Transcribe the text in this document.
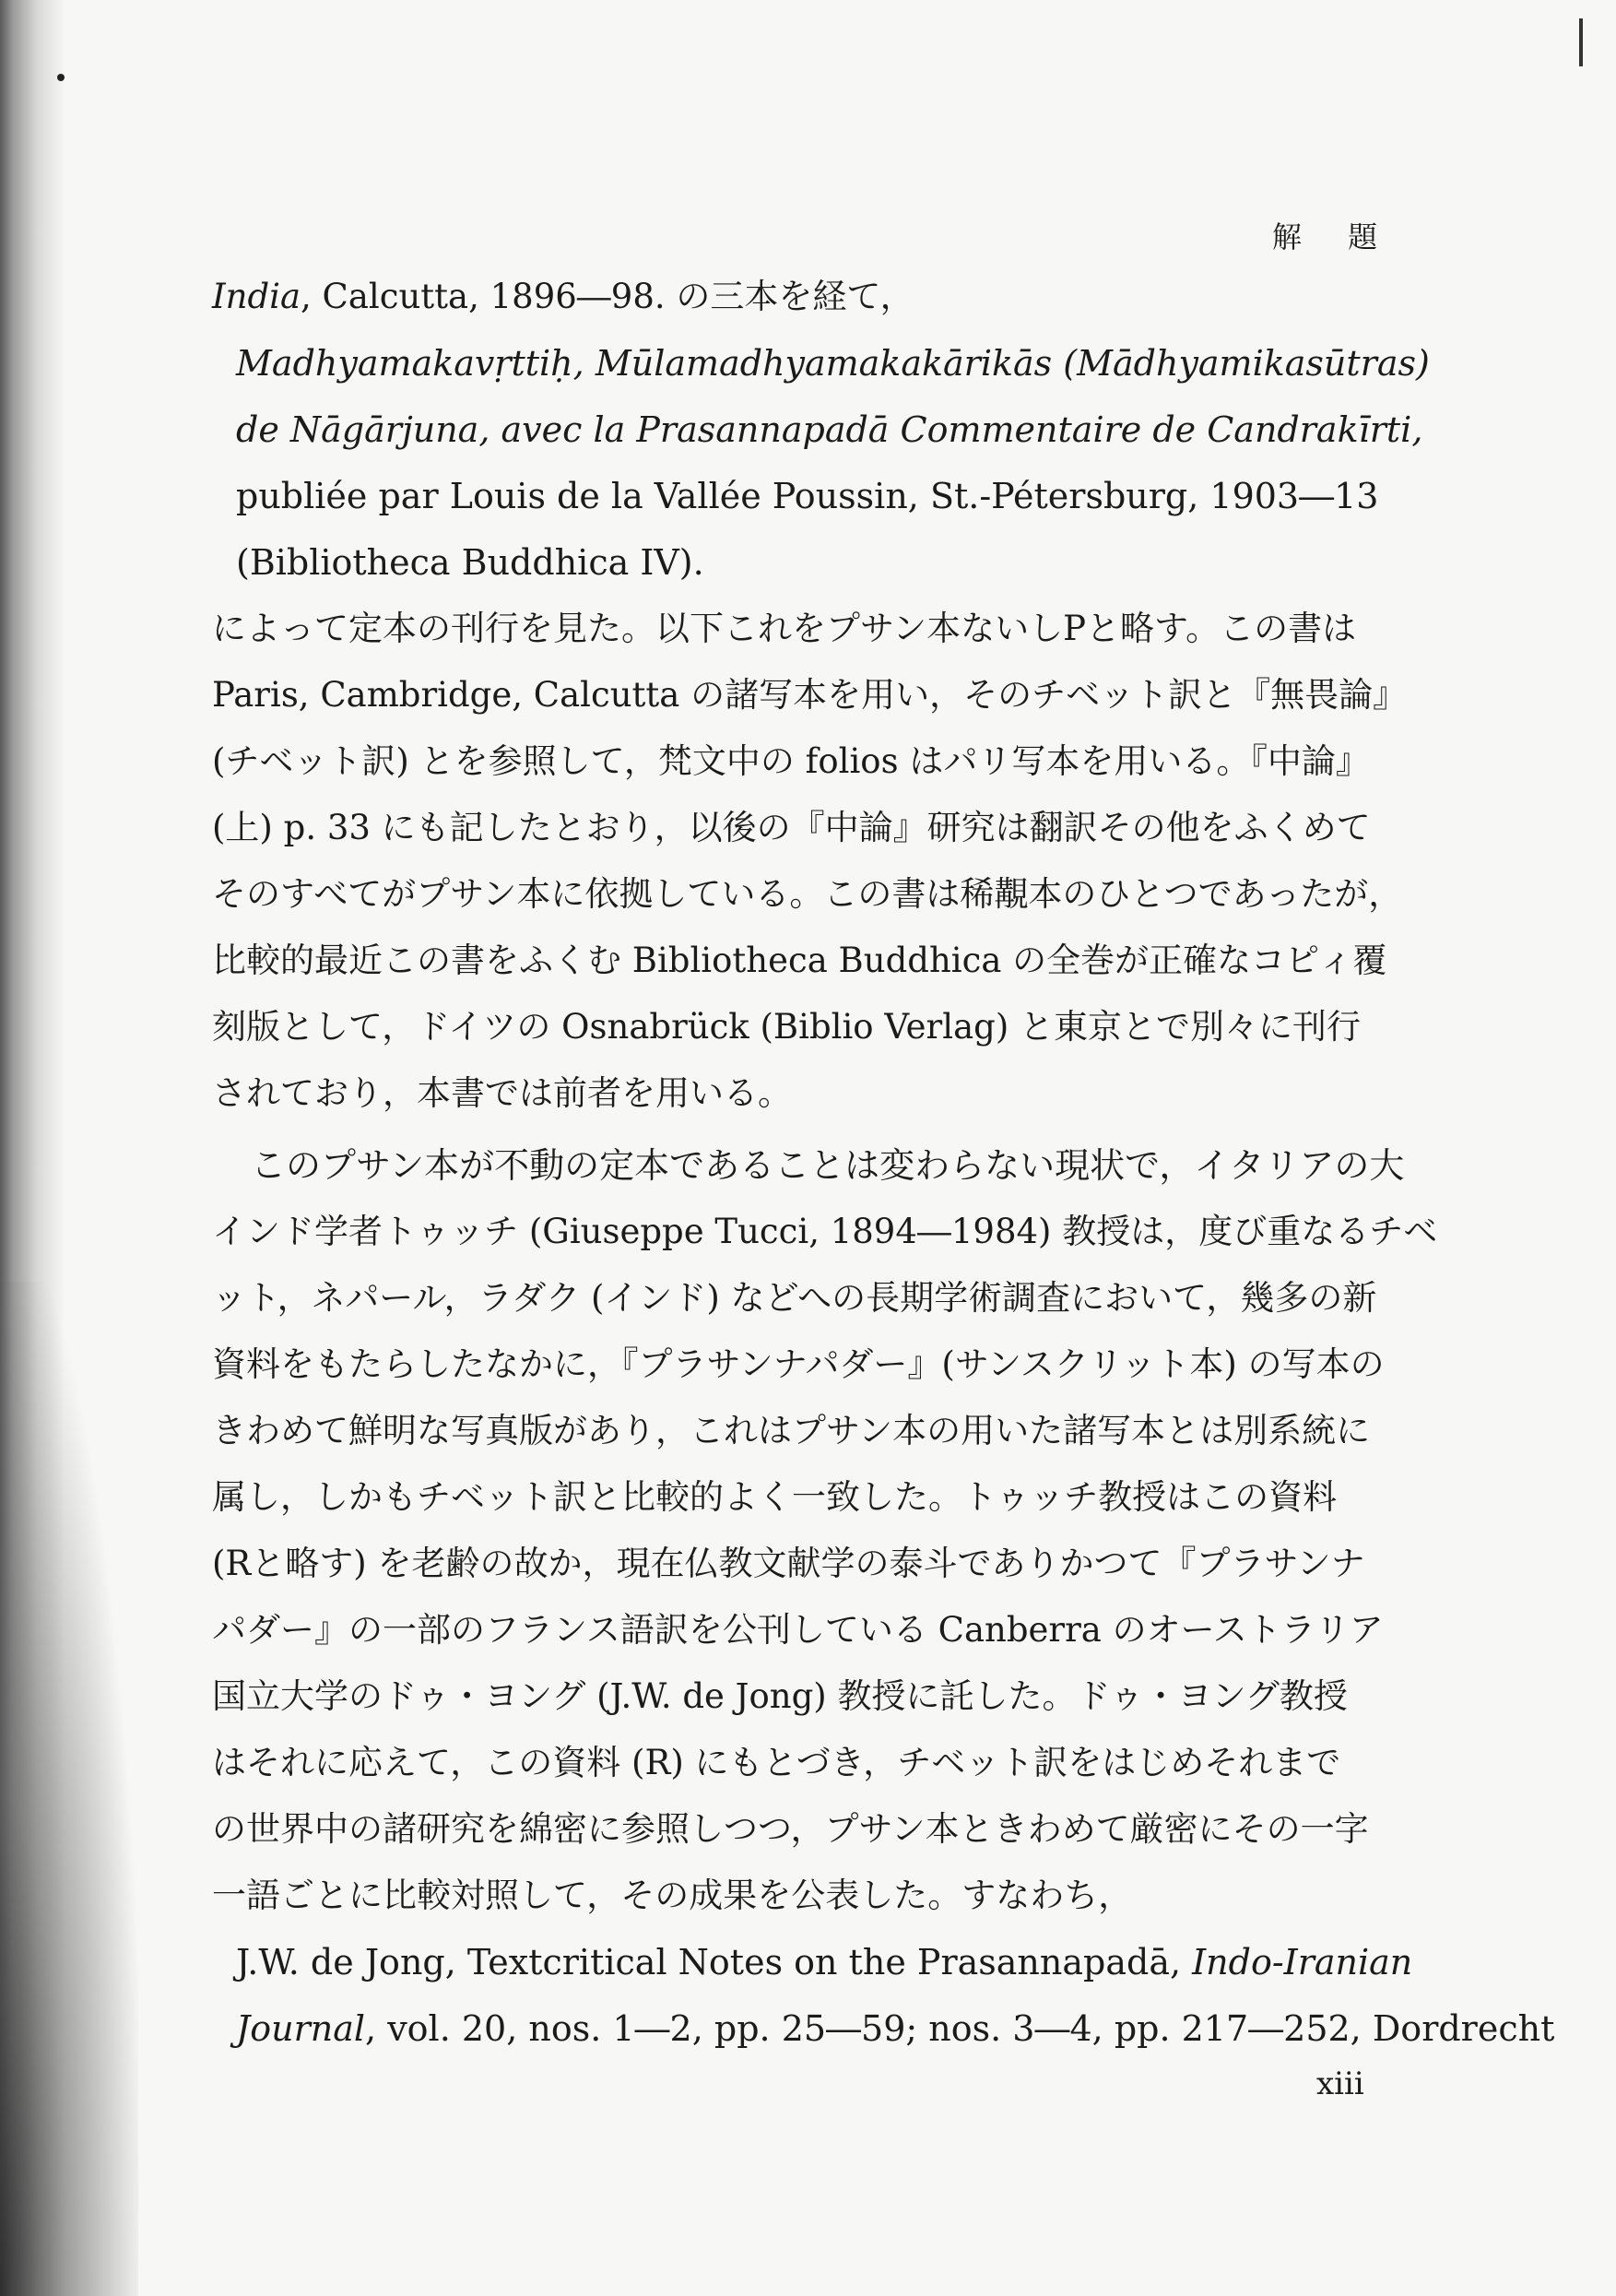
解 題
India, Calcutta, 1896―98. の三本を経て，
Madhyamakavṛttiḥ, Mūlamadhyamakakārikās (Mādhyamikasūtras)
de Nāgārjuna, avec la Prasannapadā Commentaire de Candrakīrti,
publiée par Louis de la Vallée Poussin, St.-Pétersburg, 1903―13
(Bibliotheca Buddhica IV).
によって定本の刊行を見た。以下これをプサン本ないしPと略す。この書は
Paris, Cambridge, Calcutta の諸写本を用い，そのチベット訳と『無畏論』
(チベット訳) とを参照して，梵文中の folios はパリ写本を用いる。『中論』
(上) p. 33 にも記したとおり，以後の『中論』研究は翻訳その他をふくめて
そのすべてがプサン本に依拠している。この書は稀覯本のひとつであったが，
比較的最近この書をふくむ Bibliotheca Buddhica の全巻が正確なコピィ覆
刻版として，ドイツの Osnabrück (Biblio Verlag) と東京とで別々に刊行
されており，本書では前者を用いる。
このプサン本が不動の定本であることは変わらない現状で，イタリアの大
インド学者トゥッチ (Giuseppe Tucci, 1894―1984) 教授は，度び重なるチベ
ット，ネパール，ラダク (インド) などへの長期学術調査において，幾多の新
資料をもたらしたなかに，『プラサンナパダー』(サンスクリット本) の写本の
きわめて鮮明な写真版があり，これはプサン本の用いた諸写本とは別系統に
属し，しかもチベット訳と比較的よく一致した。トゥッチ教授はこの資料
(Rと略す) を老齢の故か，現在仏教文献学の泰斗でありかつて『プラサンナ
パダー』の一部のフランス語訳を公刊している Canberra のオーストラリア
国立大学のドゥ・ヨング (J.W. de Jong) 教授に託した。ドゥ・ヨング教授
はそれに応えて，この資料 (R) にもとづき，チベット訳をはじめそれまで
の世界中の諸研究を綿密に参照しつつ，プサン本ときわめて厳密にその一字
一語ごとに比較対照して，その成果を公表した。すなわち，
J.W. de Jong, Textcritical Notes on the Prasannapadā, Indo-Iranian
Journal, vol. 20, nos. 1―2, pp. 25―59; nos. 3―4, pp. 217―252, Dordrecht
xiii
